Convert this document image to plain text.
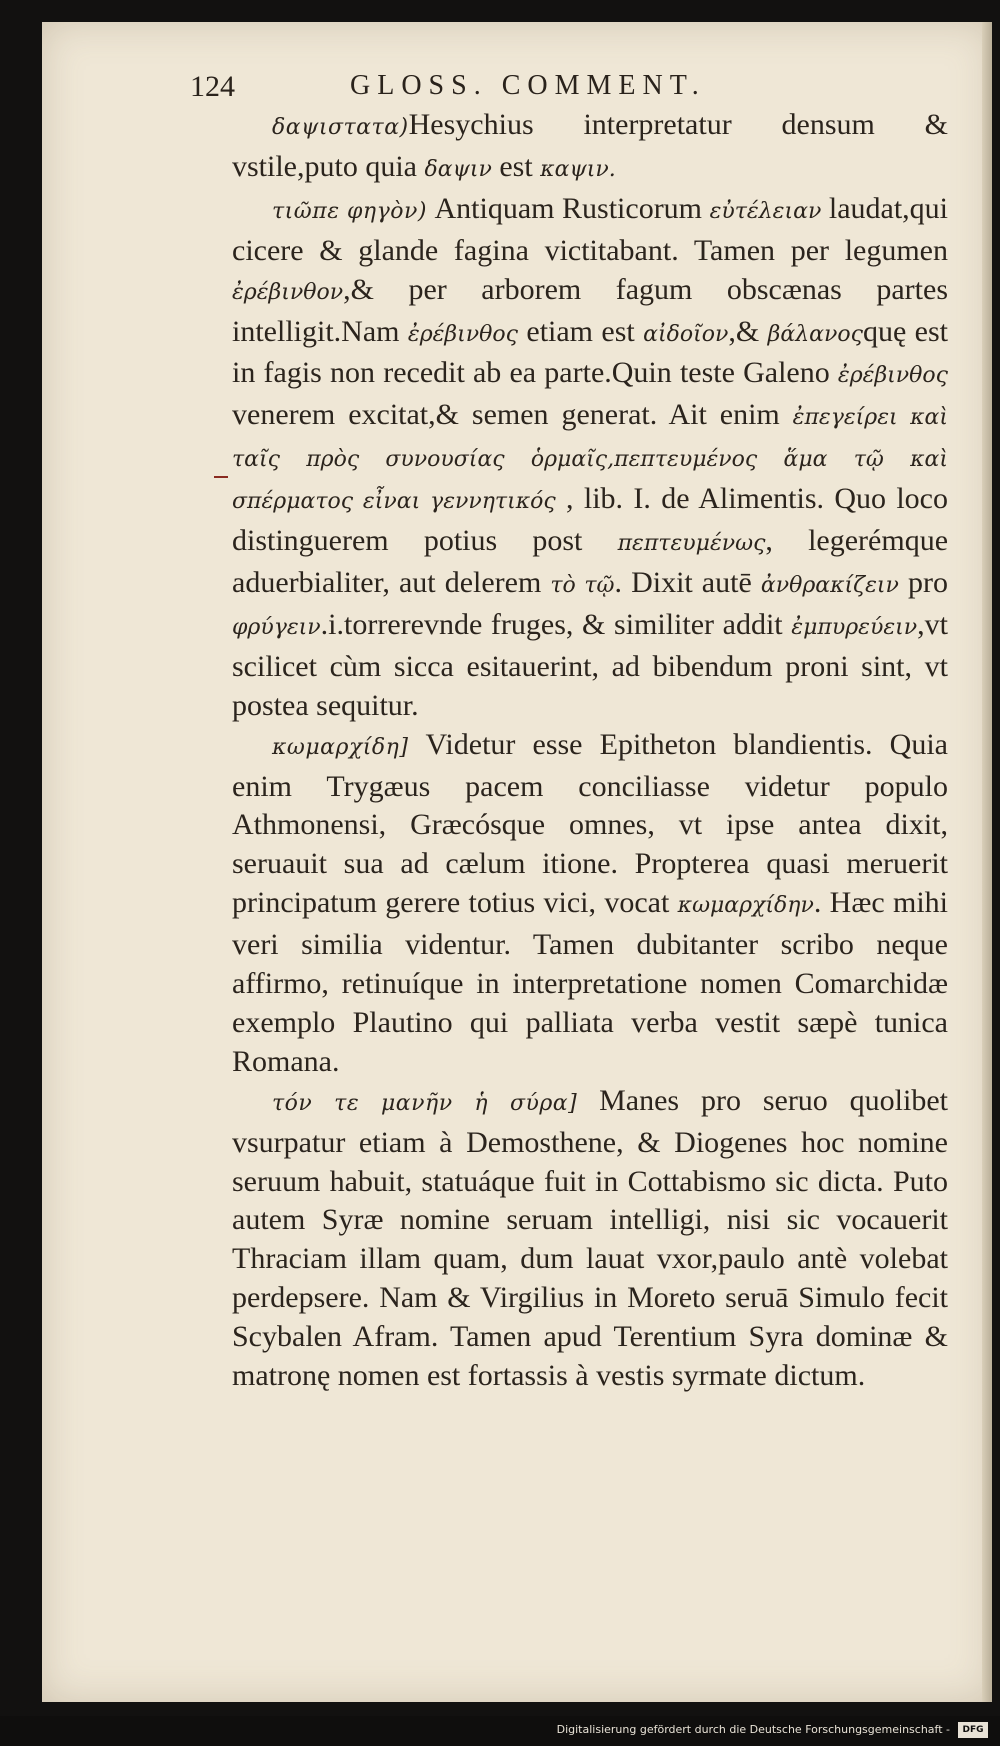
124	GLOSS. COMMENT.

δαψιστατα)Hesychius interpretatur densum & vstile,puto quia δαψιν est καψιν.

τιῶπε φηγὸν) Antiquam Rusticorum εὐτέλειαν laudat,qui cicere & glande fagina victitabant. Tamen per legumen ἐρέβινθον,& per arborem fagum obscænas partes intelligit.Nam ἐρέβινθος etiam est αἰδοῖον,& βάλανοςquę est in fagis non recedit ab ea parte.Quin teste Galeno ἐρέβινθος venerem excitat,& semen generat. Ait enim ἐπεγείρει καὶ ταῖς πρὸς συνουσίας ὁρμαῖς,πεπτευμένος ἅμα τῷ καὶ σπέρματος εἶναι γεννητικός , lib. I. de Alimentis. Quo loco distinguerem potius post πεπτευμένως, legerémque aduerbialiter, aut delerem τὸ τῷ. Dixit autē ἀνθρακίζειν pro φρύγειν.i.torrerevnde fruges, & similiter addit ἐμπυρεύειν,vt scilicet cùm sicca esitauerint, ad bibendum proni sint, vt postea sequitur.

κωμαρχίδη] Videtur esse Epitheton blandientis. Quia enim Trygæus pacem conciliasse videtur populo Athmonensi, Græcósque omnes, vt ipse antea dixit, seruauit sua ad cælum itione. Propterea quasi meruerit principatum gerere totius vici, vocat κωμαρχίδην. Hæc mihi veri similia videntur. Tamen dubitanter scribo neque affirmo, retinuíque in interpretatione nomen Comarchidæ exemplo Plautino qui palliata verba vestit sæpè tunica Romana.

τόν τε μανῆν ἡ σύρα] Manes pro seruo quolibet vsurpatur etiam à Demosthene, & Diogenes hoc nomine seruum habuit, statuáque fuit in Cottabismo sic dicta. Puto autem Syræ nomine seruam intelligi, nisi sic vocauerit Thraciam illam quam, dum lauat vxor,paulo antè volebat perdepsere. Nam & Virgilius in Moreto seruā Simulo fecit Scybalen Afram. Tamen apud Terentium Syra dominæ & matronę nomen est fortassis à vestis syrmate dictum.

Digitalisierung gefördert durch die Deutsche Forschungsgemeinschaft -	DFG
